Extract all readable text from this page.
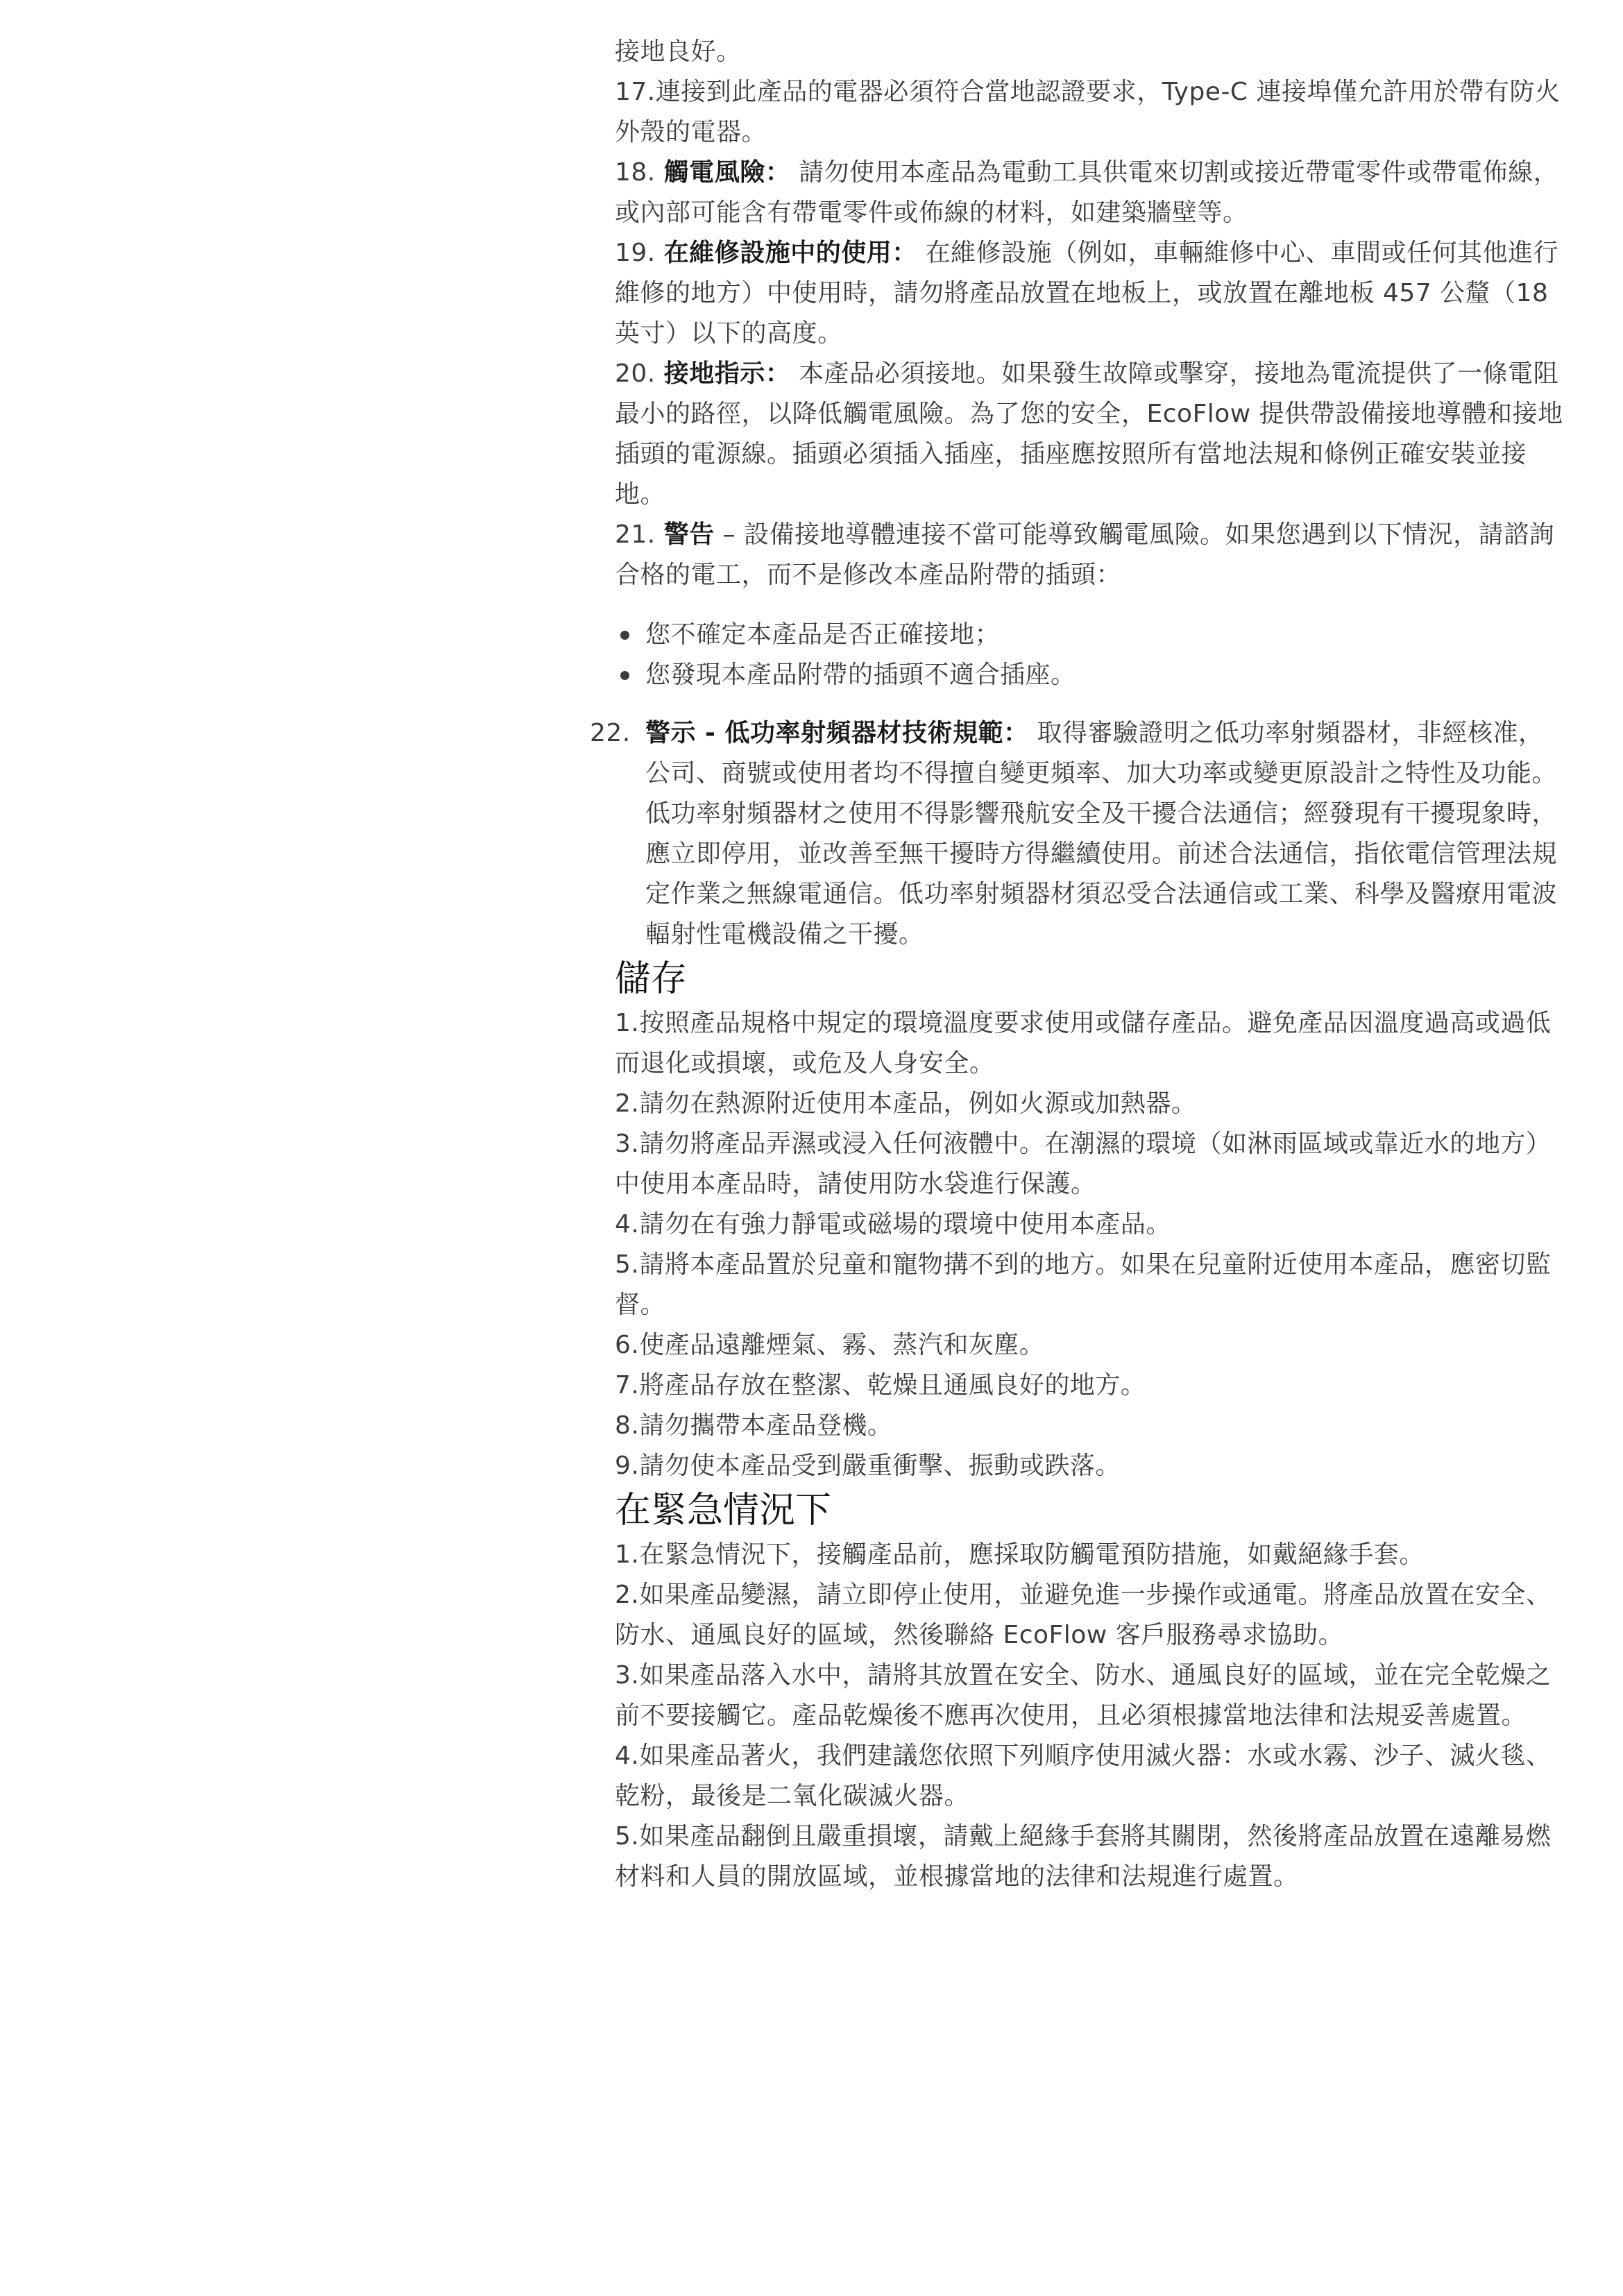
接地良好。

17.連接到此產品的電器必須符合當地認證要求，Type-C 連接埠僅允許用於帶有防火外殼的電器。

18. 觸電風險： 請勿使用本產品為電動工具供電來切割或接近帶電零件或帶電佈線，或內部可能含有帶電零件或佈線的材料，如建築牆壁等。

19. 在維修設施中的使用： 在維修設施（例如，車輛維修中心、車間或任何其他進行維修的地方）中使用時，請勿將產品放置在地板上，或放置在離地板 457 公釐（18 英寸）以下的高度。

20. 接地指示： 本產品必須接地。如果發生故障或擊穿，接地為電流提供了一條電阻最小的路徑，以降低觸電風險。為了您的安全，EcoFlow 提供帶設備接地導體和接地插頭的電源線。插頭必須插入插座，插座應按照所有當地法規和條例正確安裝並接地。

21. 警告 – 設備接地導體連接不當可能導致觸電風險。如果您遇到以下情況，請諮詢合格的電工，而不是修改本產品附帶的插頭：

您不確定本產品是否正確接地；
您發現本產品附帶的插頭不適合插座。
22. 警示 - 低功率射頻器材技術規範： 取得審驗證明之低功率射頻器材，非經核准，公司、商號或使用者均不得擅自變更頻率、加大功率或變更原設計之特性及功能。低功率射頻器材之使用不得影響飛航安全及干擾合法通信；經發現有干擾現象時，應立即停用，並改善至無干擾時方得繼續使用。前述合法通信，指依電信管理法規定作業之無線電通信。低功率射頻器材須忍受合法通信或工業、科學及醫療用電波輻射性電機設備之干擾。

儲存

1.按照產品規格中規定的環境溫度要求使用或儲存產品。避免產品因溫度過高或過低而退化或損壞，或危及人身安全。

2.請勿在熱源附近使用本產品，例如火源或加熱器。

3.請勿將產品弄濕或浸入任何液體中。在潮濕的環境（如淋雨區域或靠近水的地方）中使用本產品時，請使用防水袋進行保護。

4.請勿在有強力靜電或磁場的環境中使用本產品。

5.請將本產品置於兒童和寵物搆不到的地方。如果在兒童附近使用本產品，應密切監督。

6.使產品遠離煙氣、霧、蒸汽和灰塵。

7.將產品存放在整潔、乾燥且通風良好的地方。

8.請勿攜帶本產品登機。

9.請勿使本產品受到嚴重衝擊、振動或跌落。

在緊急情況下

1.在緊急情況下，接觸產品前，應採取防觸電預防措施，如戴絕緣手套。

2.如果產品變濕，請立即停止使用，並避免進一步操作或通電。將產品放置在安全、防水、通風良好的區域，然後聯絡 EcoFlow 客戶服務尋求協助。

3.如果產品落入水中，請將其放置在安全、防水、通風良好的區域，並在完全乾燥之前不要接觸它。產品乾燥後不應再次使用，且必須根據當地法律和法規妥善處置。

4.如果產品著火，我們建議您依照下列順序使用滅火器：水或水霧、沙子、滅火毯、乾粉，最後是二氧化碳滅火器。

5.如果產品翻倒且嚴重損壞，請戴上絕緣手套將其關閉，然後將產品放置在遠離易燃材料和人員的開放區域，並根據當地的法律和法規進行處置。
